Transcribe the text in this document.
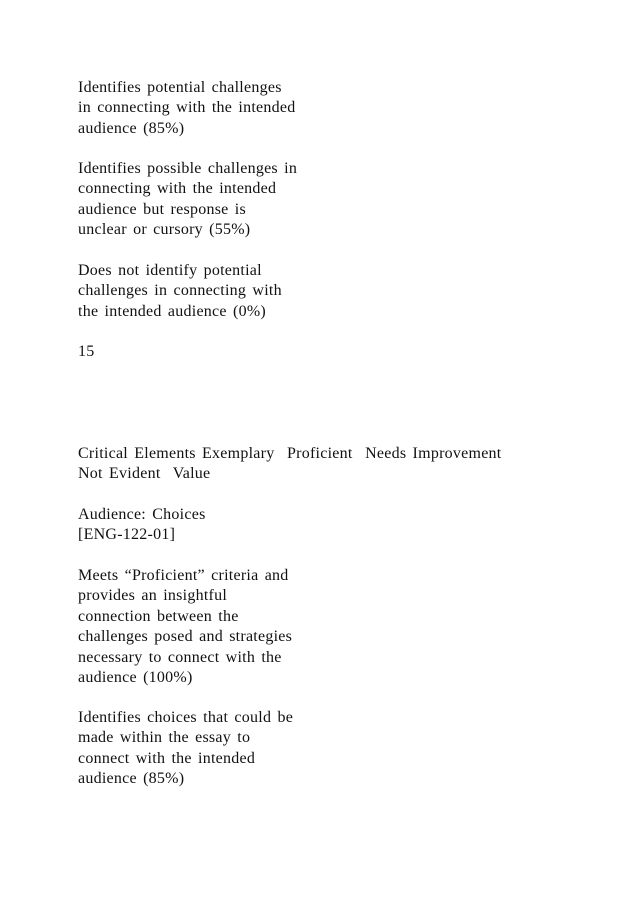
Identifies potential challenges
in connecting with the intended
audience (85%)

Identifies possible challenges in
connecting with the intended
audience but response is
unclear or cursory (55%)

Does not identify potential
challenges in connecting with
the intended audience (0%)

15

Critical Elements Exemplary  Proficient  Needs Improvement
Not Evident  Value

Audience: Choices
[ENG-122-01]

Meets “Proficient” criteria and
provides an insightful
connection between the
challenges posed and strategies
necessary to connect with the
audience (100%)

Identifies choices that could be
made within the essay to
connect with the intended
audience (85%)
